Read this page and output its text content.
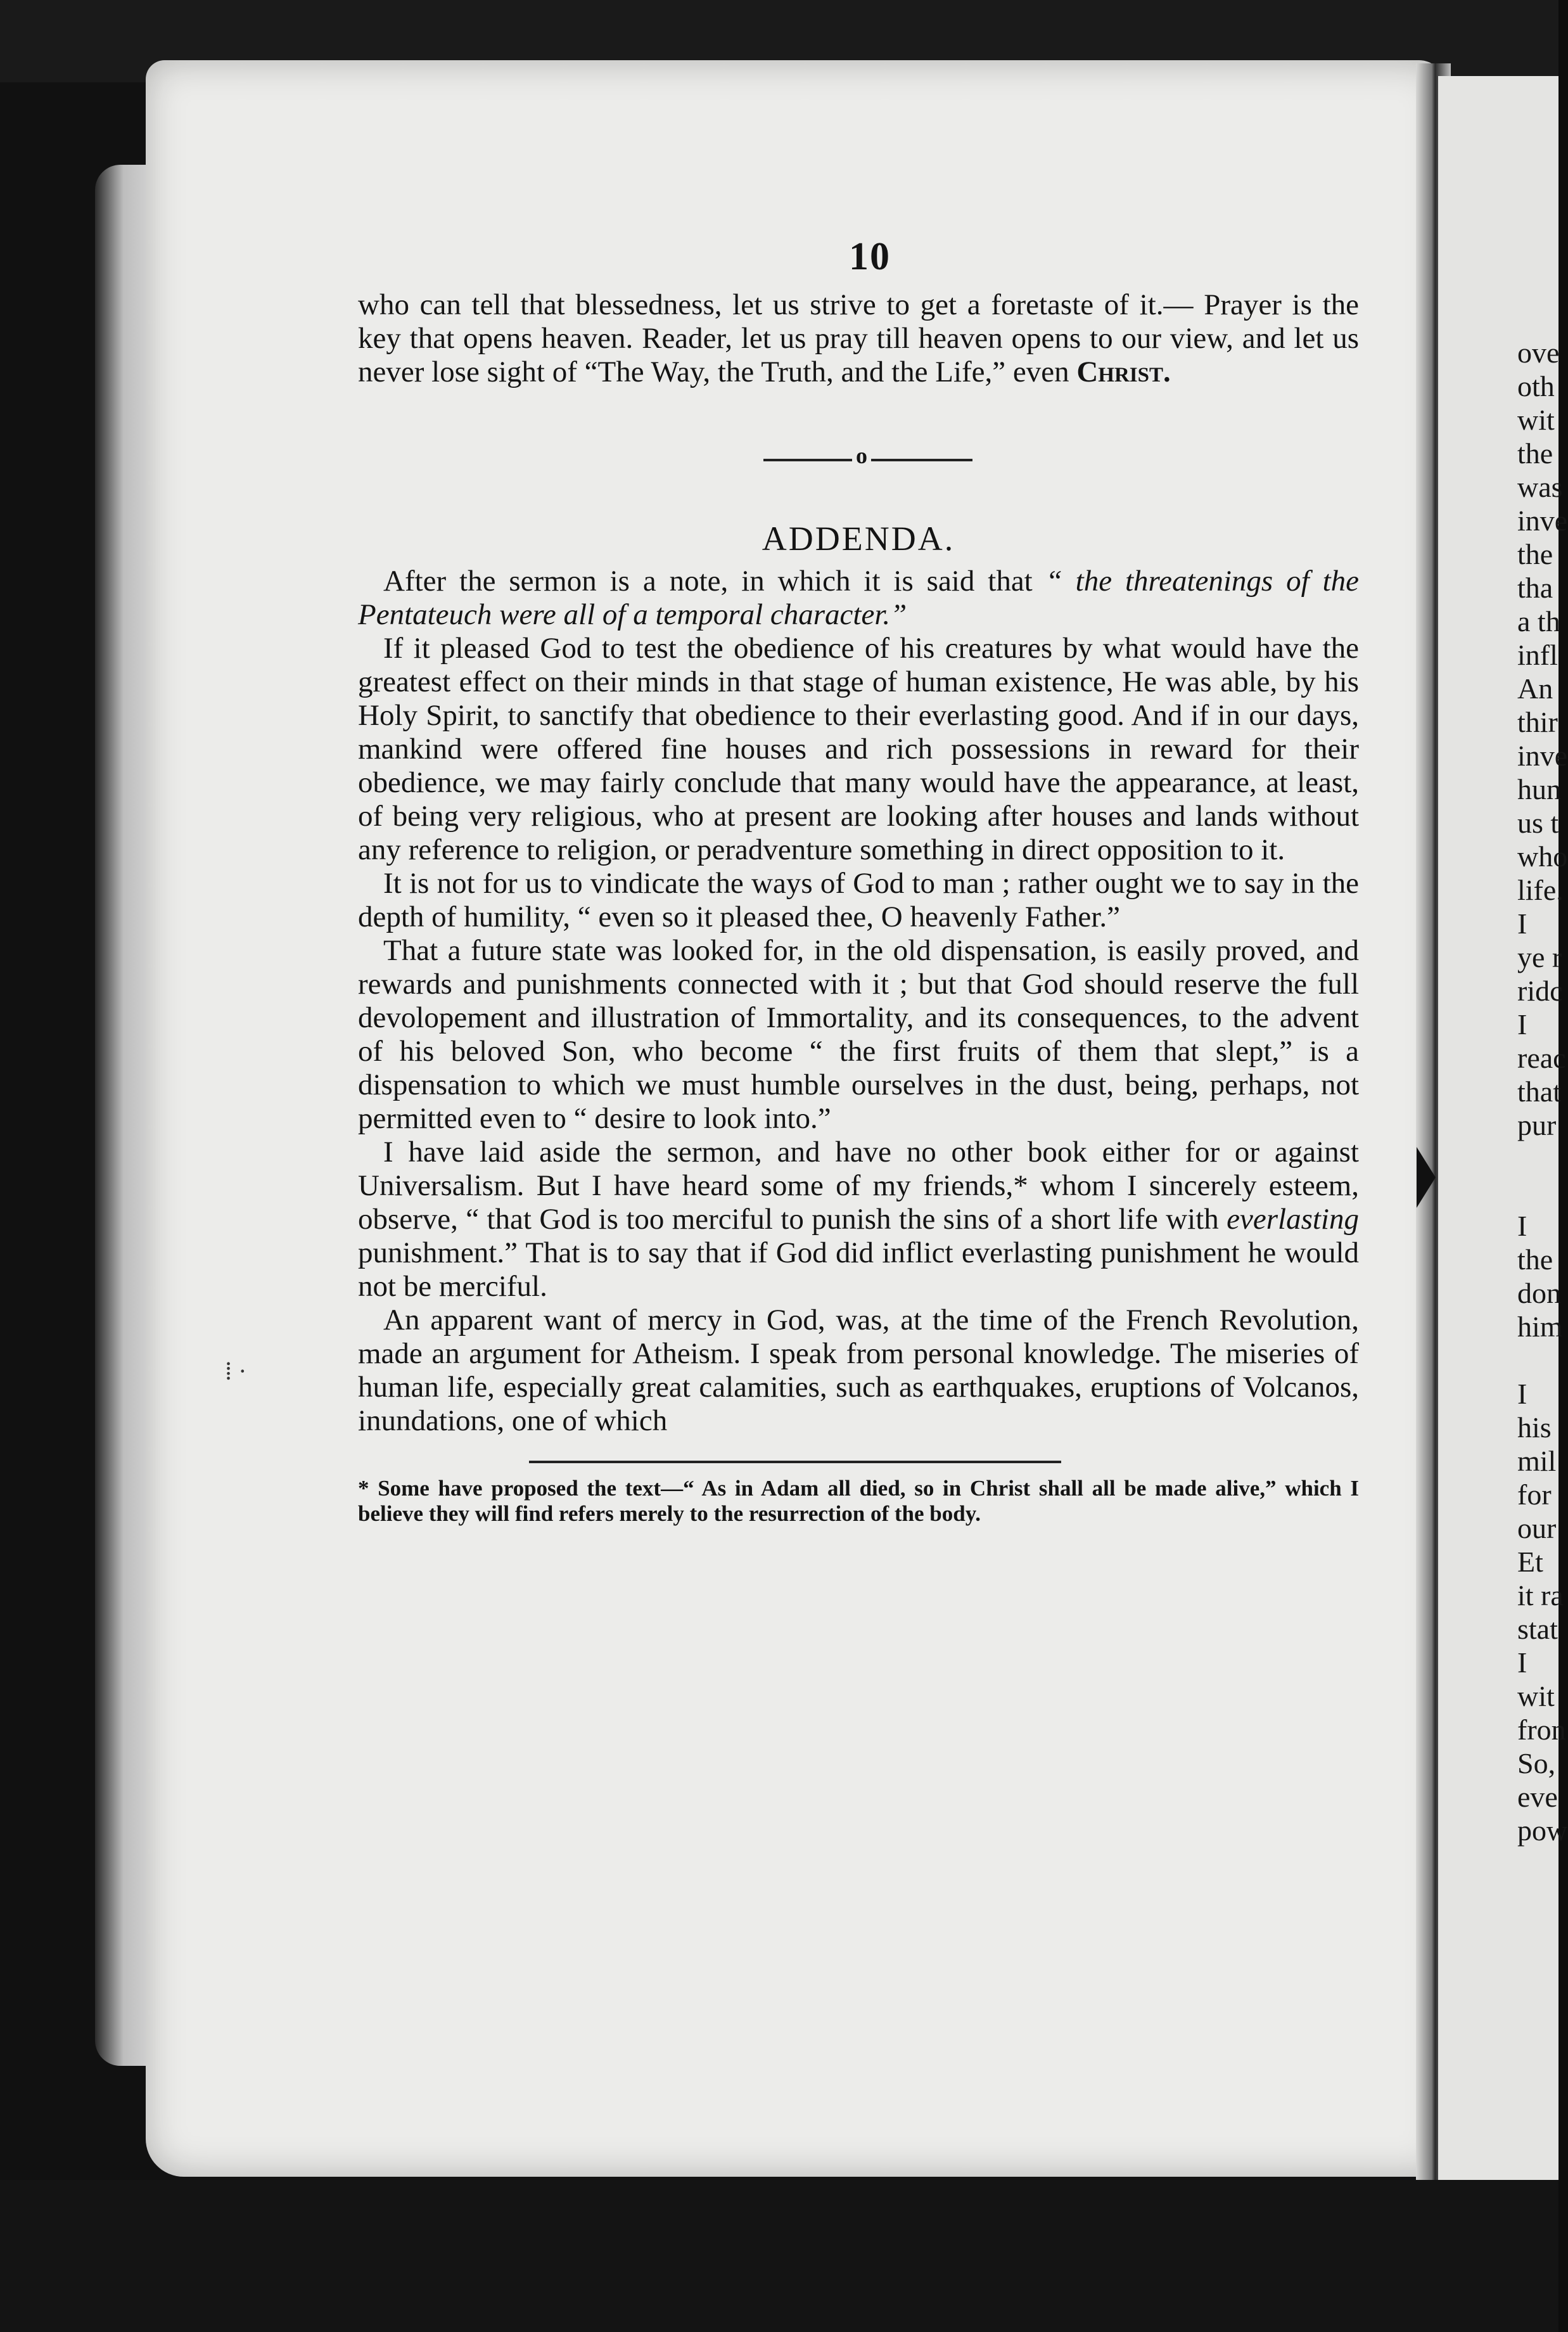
10

who can tell that blessedness, let us strive to get a foretaste of it.— Prayer is the key that opens heaven. Reader, let us pray till heaven opens to our view, and let us never lose sight of “The Way, the Truth, and the Life,” even Christ.

o
ADDENDA.

After the sermon is a note, in which it is said that “ the threatenings of the Pentateuch were all of a temporal character.”

If it pleased God to test the obedience of his creatures by what would have the greatest effect on their minds in that stage of human existence, He was able, by his Holy Spirit, to sanctify that obedience to their everlasting good. And if in our days, mankind were offered fine houses and rich possessions in reward for their obedience, we may fairly conclude that many would have the appearance, at least, of being very religious, who at present are looking after houses and lands without any reference to religion, or peradventure something in direct opposition to it.

It is not for us to vindicate the ways of God to man ; rather ought we to say in the depth of humility, “ even so it pleased thee, O heavenly Father.”

That a future state was looked for, in the old dispensation, is easily proved, and rewards and punishments connected with it ; but that God should reserve the full devolopement and illustration of Immortality, and its consequences, to the advent of his beloved Son, who become “ the first fruits of them that slept,” is a dispensation to which we must humble ourselves in the dust, being, perhaps, not permitted even to “ desire to look into.”

I have laid aside the sermon, and have no other book either for or against Universalism. But I have heard some of my friends,* whom I sincerely esteem, observe, “ that God is too merciful to punish the sins of a short life with everlasting punishment.” That is to say that if God did inflict everlasting punishment he would not be merciful.

An apparent want of mercy in God, was, at the time of the French Revolution, made an argument for Atheism. I speak from personal knowledge. The miseries of human life, especially great calamities, such as earthquakes, eruptions of Volcanos, inundations, one of which

* Some have proposed the text—“ As in Adam all died, so in Christ shall all be made alive,” which I believe they will find refers merely to the resurrection of the body.

⁞ ·
ove
oth
wit
the
was
inve
the
tha
a th
infl
An
thir
inve
hun
us t
who
life.
I
ye r
ridc
I
reac
that
pur

I
the
don
him

I
his
mil
for
our
Et
it ra
stat
I
wit
fron
So,
eve
pow
